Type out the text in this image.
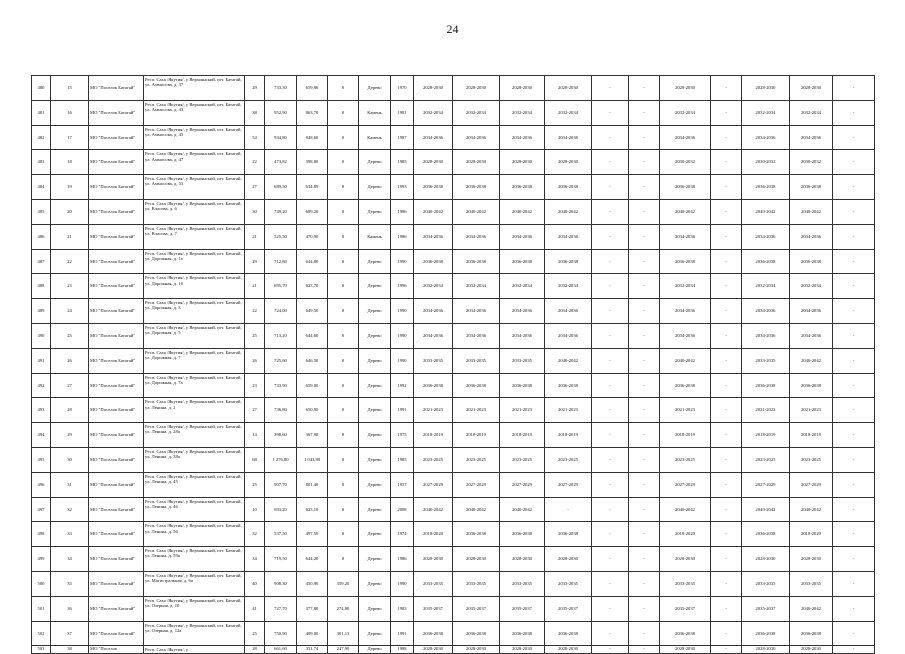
24
480	15	МО "Поселок Батагай"	Респ. Саха /Якутия/, у Верхоянский, пгт. Батагай, ул. Аммосова, д. 37	29	733,30	659,96	0	Дерево	1970	2028-2030	2028-2030	2028-2030	2028-2030	-	-	2028-2030	-	2028-2030	2028-2030	-
481	16	МО "Поселок Батагай"	Респ. Саха /Якутия/, у Верхоянский, пгт. Батагай, ул. Аммосова, д. 43	38	952,90	863,70	0	Камень	1981	2032-2034	2032-2034	2032-2034	2032-2034	-	-	2032-2034	-	2032-2034	2032-2034	-
482	17	МО "Поселок Батагай"	Респ. Саха /Якутия/, у Верхоянский, пгт. Батагай, ул. Аммосова, д. 45	54	934,80	848,60	0	Камень	1987	2034-2036	2034-2036	2034-2036	2034-2036	-	-	2034-2036	-	2034-2036	2034-2036	-
483	18	МО "Поселок Батагай"	Респ. Саха /Якутия/, у Верхоянский, пгт. Батагай, ул. Аммосова, д. 47	22	473,82	398,80	0	Дерево	1985	2028-2030	2028-2030	2028-2030	2028-2030	-	-	2030-2032	-	2030-2032	2030-2032	-
484	19	МО "Поселок Батагай"	Респ. Саха /Якутия/, у Верхоянский, пгт. Батагай, ул. Аммосова, д. 53	27	689,50	634,89	0	Дерево	1993	2036-2038	2036-2038	2036-2038	2036-2038	-	-	2036-2038	-	2036-2038	2036-2038	-
485	20	МО "Поселок Батагай"	Респ. Саха /Якутия/, у Верхоянский, пгт. Батагай, ул. Власова, д. 6	30	749,20	689,20	0	Дерево	1986	2040-2042	2040-2042	2040-2042	2040-2042	-	-	2040-2042	-	2040-2042	2040-2042	-
486	21	МО "Поселок Батагай"	Респ. Саха /Якутия/, у Верхоянский, пгт. Батагай, ул. Власова, д. 7	21	525,50	470,90	0	Камень	1986	2034-2036	2034-2036	2034-2036	2034-2036	-	-	2034-2036	-	2034-2036	2034-2036	-
487	22	МО "Поселок Батагай"	Респ. Саха /Якутия/, у Верхоянский, пгт. Батагай, ул. Дорожная, д. 1а	29	712,80	644,80	0	Дерево	1990	2036-2038	2036-2038	2036-2038	2036-2038	-	-	2036-2038	-	2036-2038	2036-2038	-
488	23	МО "Поселок Батагай"	Респ. Саха /Якутия/, у Верхоянский, пгт. Батагай, ул. Дорожная, д. 1б	21	695,70	623,70	0	Дерево	1996	2032-2034	2032-2034	2032-2034	2032-2034	-	-	2032-2034	-	2032-2034	2032-2034	-
489	24	МО "Поселок Батагай"	Респ. Саха /Якутия/, у Верхоянский, пгт. Батагай, ул. Дорожная, д. 3	22	724,00	649,50	0	Дерево	1990	2034-2036	2034-2036	2034-2036	2034-2036	-	-	2034-2036	-	2034-2036	2034-2036	-
490	25	МО "Поселок Батагай"	Респ. Саха /Якутия/, у Верхоянский, пгт. Батагай, ул. Дорожная, д. 5	25	713,20	644,60	0	Дерево	1990	2034-2036	2034-2036	2034-2036	2034-2036	-	-	2034-2036	-	2034-2036	2034-2036	-
491	26	МО "Поселок Батагай"	Респ. Саха /Якутия/, у Верхоянский, пгт. Батагай, ул. Дорожная, д. 7	26	725,60	646,50	0	Дерево	1990	2033-2035	2033-2035	2033-2035	2040-2042	-	-	2040-2042	-	2033-2035	2040-2042	-
492	27	МО "Поселок Батагай"	Респ. Саха /Якутия/, у Верхоянский, пгт. Батагай, ул. Дорожная, д. 7а	23	733,90	659,00	0	Дерево	1992	2036-2038	2036-2038	2036-2038	2036-2038	-	-	2036-2038	-	2036-2038	2036-2038	-
493	28	МО "Поселок Батагай"	Респ. Саха /Якутия/, у Верхоянский, пгт. Батагай, ул. Ленина, д. 2	27	736,80	650,90	0	Дерево	1991	2021-2023	2021-2023	2021-2023	2021-2023	-	-	2021-2023	-	2021-2023	2021-2023	-
494	29	МО "Поселок Батагай"	Респ. Саха /Якутия/, у Верхоянский, пгт. Батагай, ул. Ленина, д. 28а	14	398,60	367,90	0	Дерево	1975	2018-2019	2018-2019	2018-2019	2018-2019	-	-	2018-2019	-	2018-2019	2018-2019	-
495	30	МО "Поселок Батагай"	Респ. Саха /Якутия/, у Верхоянский, пгт. Батагай, ул. Ленина, д. 38а	68	1 276,80	1 043,80	0	Дерево	1985	2023-2025	2023-2025	2023-2025	2023-2025	-	-	2023-2025	-	2023-2025	2023-2025	-
496	31	МО "Поселок Батагай"	Респ. Саха /Якутия/, у Верхоянский, пгт. Батагай, ул. Ленина, д. 45	25	907,70	801,40	0	Дерево	1957	2027-2029	2027-2029	2027-2029	2027-2029	-	-	2027-2029	-	2027-2029	2027-2029	-
497	32	МО "Поселок Батагай"	Респ. Саха /Якутия/, у Верхоянский, пгт. Батагай, ул. Ленина, д. 46	10	693,20	623,10	0	Дерево	2008	2040-2042	2040-2042	2040-2042	-	-	-	2040-2042	-	2040-2042	2040-2042	-
498	33	МО "Поселок Батагай"	Респ. Саха /Якутия/, у Верхоянский, пгт. Батагай, ул. Ленина, д. 56	32	537,50	497,50	0	Дерево	1974	2018-2020	2036-2038	2036-2038	2036-2038	-	-	2018-2020	-	2036-2038	2018-2020	-
499	34	МО "Поселок Батагай"	Респ. Саха /Якутия/, у Верхоянский, пгт. Батагай, ул. Ленина, д. 59а	34	719,50	644,20	0	Дерево	1986	2028-2030	2028-2030	2028-2030	2028-2030	-	-	2028-2030	-	2028-2030	2028-2030	-
500	35	МО "Поселок Батагай"	Респ. Саха /Якутия/, у Верхоянский, пгт. Батагай, ул. Магистральная, д. 6а	40	908,30	450,90	359,20	Дерево	1990	2033-2035	2033-2035	2033-2035	2033-2035	-	-	2033-2035	-	2033-2035	2033-2035	-
501	36	МО "Поселок Батагай"	Респ. Саха /Якутия/, у Верхоянский, пгт. Батагай, ул. Озерная, д. 10	41	727,70	377,80	274,80	Дерево	1983	2035-2037	2035-2037	2035-2037	2035-2037	-	-	2035-2037	-	2035-2037	2040-2042	-
502	37	МО "Поселок Батагай"	Респ. Саха /Якутия/, у Верхоянский, пгт. Батагай, ул. Озерная, д. 12а	25	750,90	409,00	301,13	Дерево	1991	2036-2038	2036-2038	2036-2038	2036-2038	-	-	2036-2038	-	2036-2038	2036-2038	-
503	38	МО "Поселок	Респ. Саха /Якутия/, у	28	661,60	351,74	247,90	Дерево	1988	2028-2030	2028-2030	2028-2030	2028-2030	-	-	2028-2030	-	2028-2030	2028-2030	-
